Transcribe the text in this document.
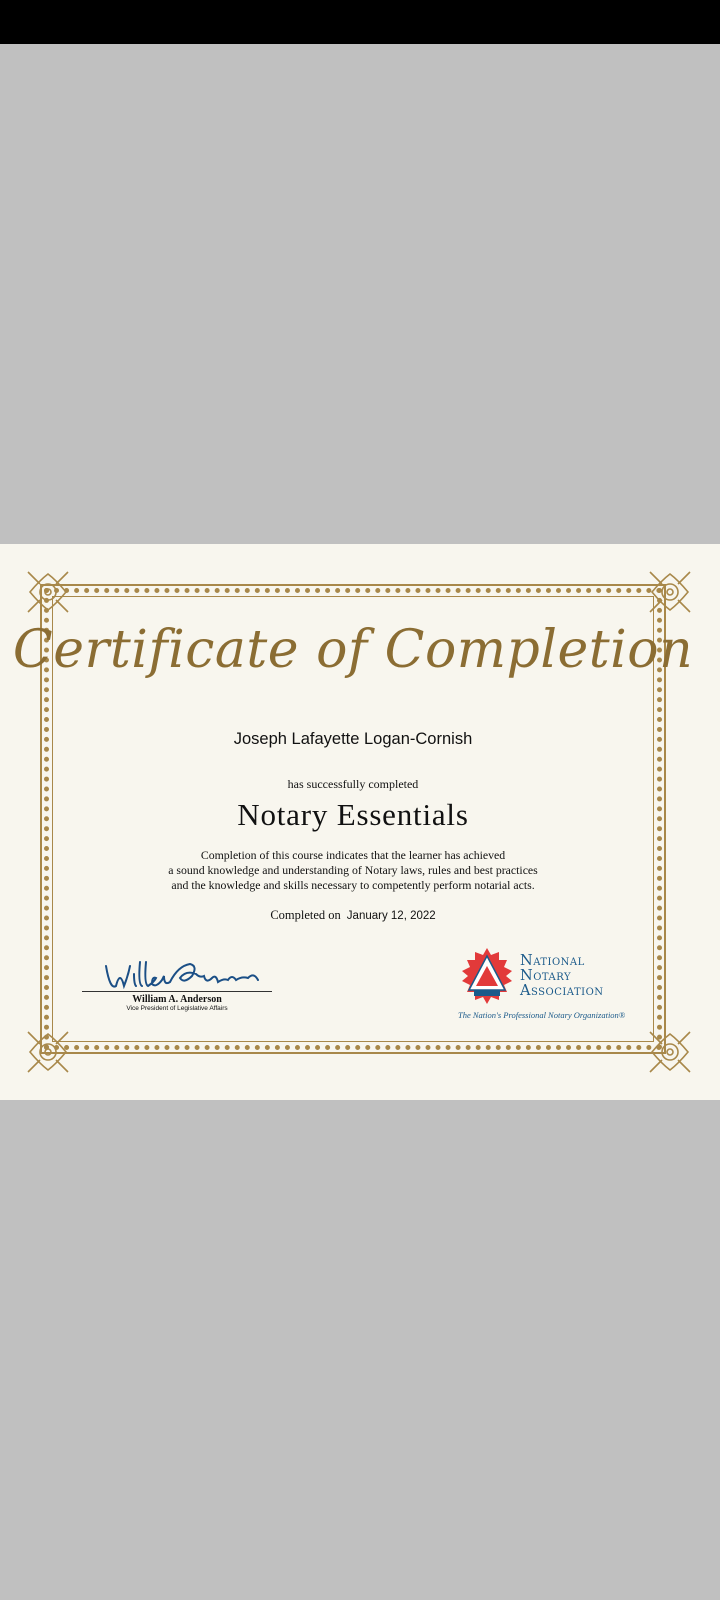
Certificate of Completion
Joseph Lafayette Logan-Cornish
has successfully completed
Notary Essentials
Completion of this course indicates that the learner has achieved
a sound knowledge and understanding of Notary laws, rules and best practices
and the knowledge and skills necessary to competently perform notarial acts.
Completed on January 12, 2022
William A. Anderson
Vice President of Legislative Affairs
National
Notary
Association
The Nation's Professional Notary Organization®
